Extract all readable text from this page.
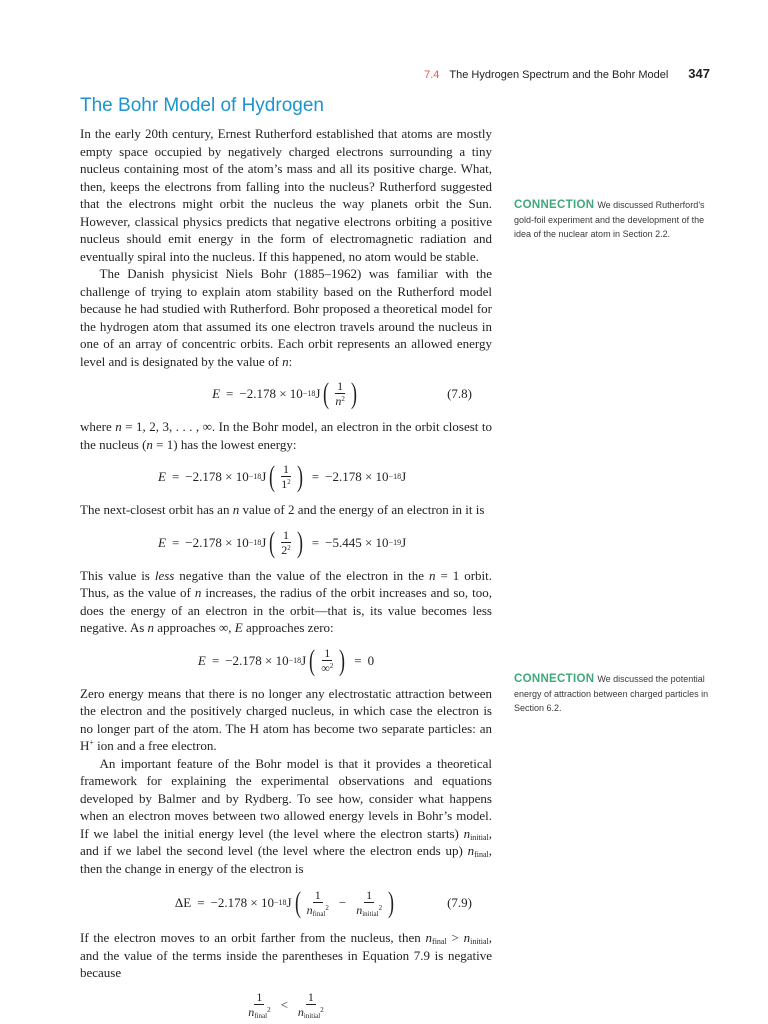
7.4 The Hydrogen Spectrum and the Bohr Model 347
The Bohr Model of Hydrogen

In the early 20th century, Ernest Rutherford established that atoms are mostly empty space occupied by negatively charged electrons surrounding a tiny nucleus containing most of the atom’s mass and all its positive charge. What, then, keeps the electrons from falling into the nucleus? Rutherford suggested that the electrons might orbit the nucleus the way planets orbit the Sun. However, classical physics predicts that negative electrons orbiting a positive nucleus should emit energy in the form of electromagnetic radiation and eventually spiral into the nucleus. If this happened, no atom would be stable.

The Danish physicist Niels Bohr (1885–1962) was familiar with the challenge of trying to explain atom stability based on the Rutherford model because he had studied with Rutherford. Bohr proposed a theoretical model for the hydrogen atom that assumed its one electron travels around the nucleus in one of an array of concentric orbits. Each orbit represents an allowed energy level and is designated by the value of n:

E = −2.178 × 10 −18 J ( $\frac{1}{n^2}$ )	(7.8)

where n = 1, 2, 3, . . . , ∞. In the Bohr model, an electron in the orbit closest to the nucleus (n = 1) has the lowest energy:

E = −2.178 × 10 −18 J ( $\frac{1}{1^2}$ ) = −2.178 × 10 −18 J

The next-closest orbit has an n value of 2 and the energy of an electron in it is

E = −2.178 × 10 −18 J ( $\frac{1}{2^2}$ ) = −5.445 × 10 −19 J

This value is less negative than the value of the electron in the n = 1 orbit. Thus, as the value of n increases, the radius of the orbit increases and so, too, does the energy of an electron in the orbit—that is, its value becomes less negative. As n approaches ∞, E approaches zero:

E = −2.178 × 10 −18 J ( $\frac{1}{\infty^2}$ ) = 0

Zero energy means that there is no longer any electrostatic attraction between the electron and the positively charged nucleus, in which case the electron is no longer part of the atom. The H atom has become two separate particles: an H+ ion and a free electron.

An important feature of the Bohr model is that it provides a theoretical framework for explaining the experimental observations and equations developed by Balmer and by Rydberg. To see how, consider what happens when an electron moves between two allowed energy levels in Bohr’s model. If we label the initial energy level (the level where the electron starts) $n_{initial}$, and if we label the second level (the level where the electron ends up) $n_{final}$, then the change in energy of the electron is

ΔE = −2.178 × 10 −18 J ( $\frac{1}{n_{final}^2} - \frac{1}{n_{initial}^2}$ )	(7.9)

If the electron moves to an orbit farther from the nucleus, then $n_{final} > n_{initial}$, and the value of the terms inside the parentheses in Equation 7.9 is negative because

$\frac{1}{n_{final}^2} < \frac{1}{n_{initial}^2}$
CONNECTION We discussed Rutherford’s gold-foil experiment and the development of the idea of the nuclear atom in Section 2.2.
CONNECTION We discussed the potential energy of attraction between charged particles in Section 6.2.
